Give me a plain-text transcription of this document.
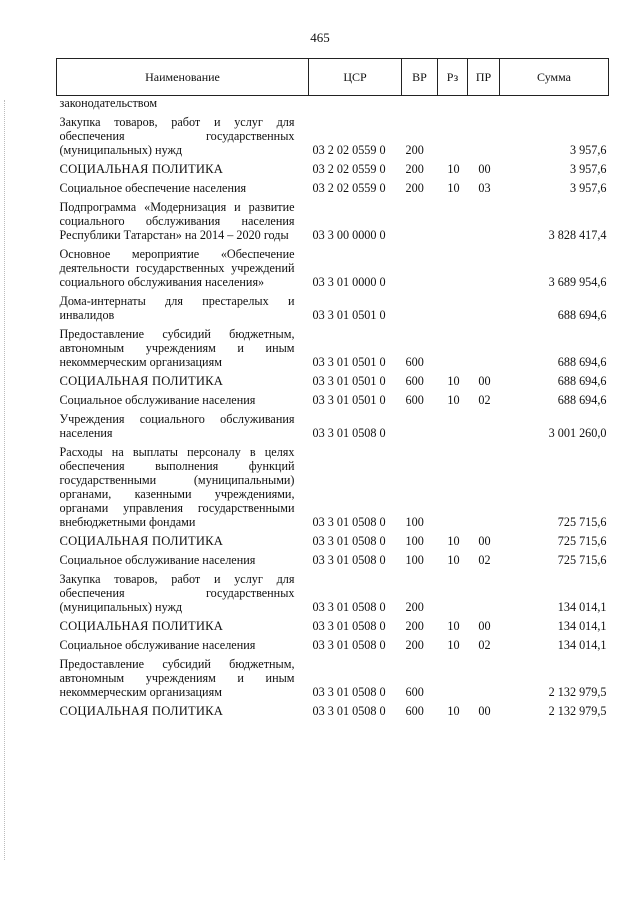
465
Наименование	ЦСР	ВР	Рз	ПР	Сумма
законодательством					
Закупка товаров, работ и услуг для обеспечения государственных (муниципальных) нужд	03 2 02 0559 0	200			3 957,6
СОЦИАЛЬНАЯ ПОЛИТИКА	03 2 02 0559 0	200	10	00	3 957,6
Социальное обеспечение населения	03 2 02 0559 0	200	10	03	3 957,6
Подпрограмма «Модернизация и развитие социального обслуживания населения Республики Татарстан» на 2014 – 2020 годы	03 3 00 0000 0				3 828 417,4
Основное мероприятие «Обеспечение деятельности государственных учреждений социального обслуживания населения»	03 3 01 0000 0				3 689 954,6
Дома-интернаты для престарелых и инвалидов	03 3 01 0501 0				688 694,6
Предоставление субсидий бюджетным, автономным учреждениям и иным некоммерческим организациям	03 3 01 0501 0	600			688 694,6
СОЦИАЛЬНАЯ ПОЛИТИКА	03 3 01 0501 0	600	10	00	688 694,6
Социальное обслуживание населения	03 3 01 0501 0	600	10	02	688 694,6
Учреждения социального обслуживания населения	03 3 01 0508 0				3 001 260,0
Расходы на выплаты персоналу в целях обеспечения выполнения функций государственными (муниципальными) органами, казенными учреждениями, органами управления государственными внебюджетными фондами	03 3 01 0508 0	100			725 715,6
СОЦИАЛЬНАЯ ПОЛИТИКА	03 3 01 0508 0	100	10	00	725 715,6
Социальное обслуживание населения	03 3 01 0508 0	100	10	02	725 715,6
Закупка товаров, работ и услуг для обеспечения государственных (муниципальных) нужд	03 3 01 0508 0	200			134 014,1
СОЦИАЛЬНАЯ ПОЛИТИКА	03 3 01 0508 0	200	10	00	134 014,1
Социальное обслуживание населения	03 3 01 0508 0	200	10	02	134 014,1
Предоставление субсидий бюджетным, автономным учреждениям и иным некоммерческим организациям	03 3 01 0508 0	600			2 132 979,5
СОЦИАЛЬНАЯ ПОЛИТИКА	03 3 01 0508 0	600	10	00	2 132 979,5
